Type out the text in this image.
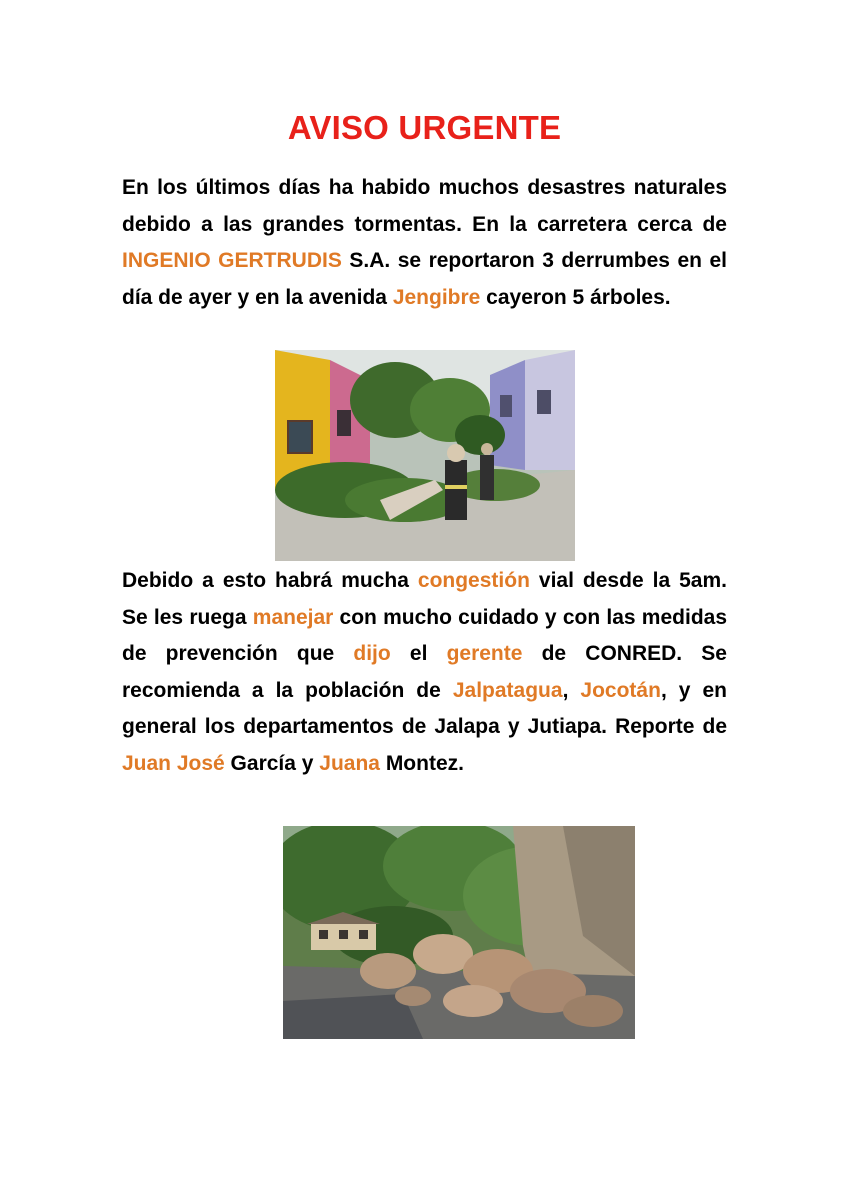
AVISO URGENTE

En los últimos días ha habido muchos desastres naturales debido a las grandes tormentas. En la carretera cerca de INGENIO GERTRUDIS S.A. se reportaron 3 derrumbes en el día de ayer y en la avenida Jengibre cayeron 5 árboles.

Debido a esto habrá mucha congestión vial desde la 5am. Se les ruega manejar con mucho cuidado y con las medidas de prevención que dijo el gerente de CONRED. Se recomienda a la población de Jalpatagua, Jocotán, y en general los departamentos de Jalapa y Jutiapa. Reporte de Juan José García y Juana Montez.
